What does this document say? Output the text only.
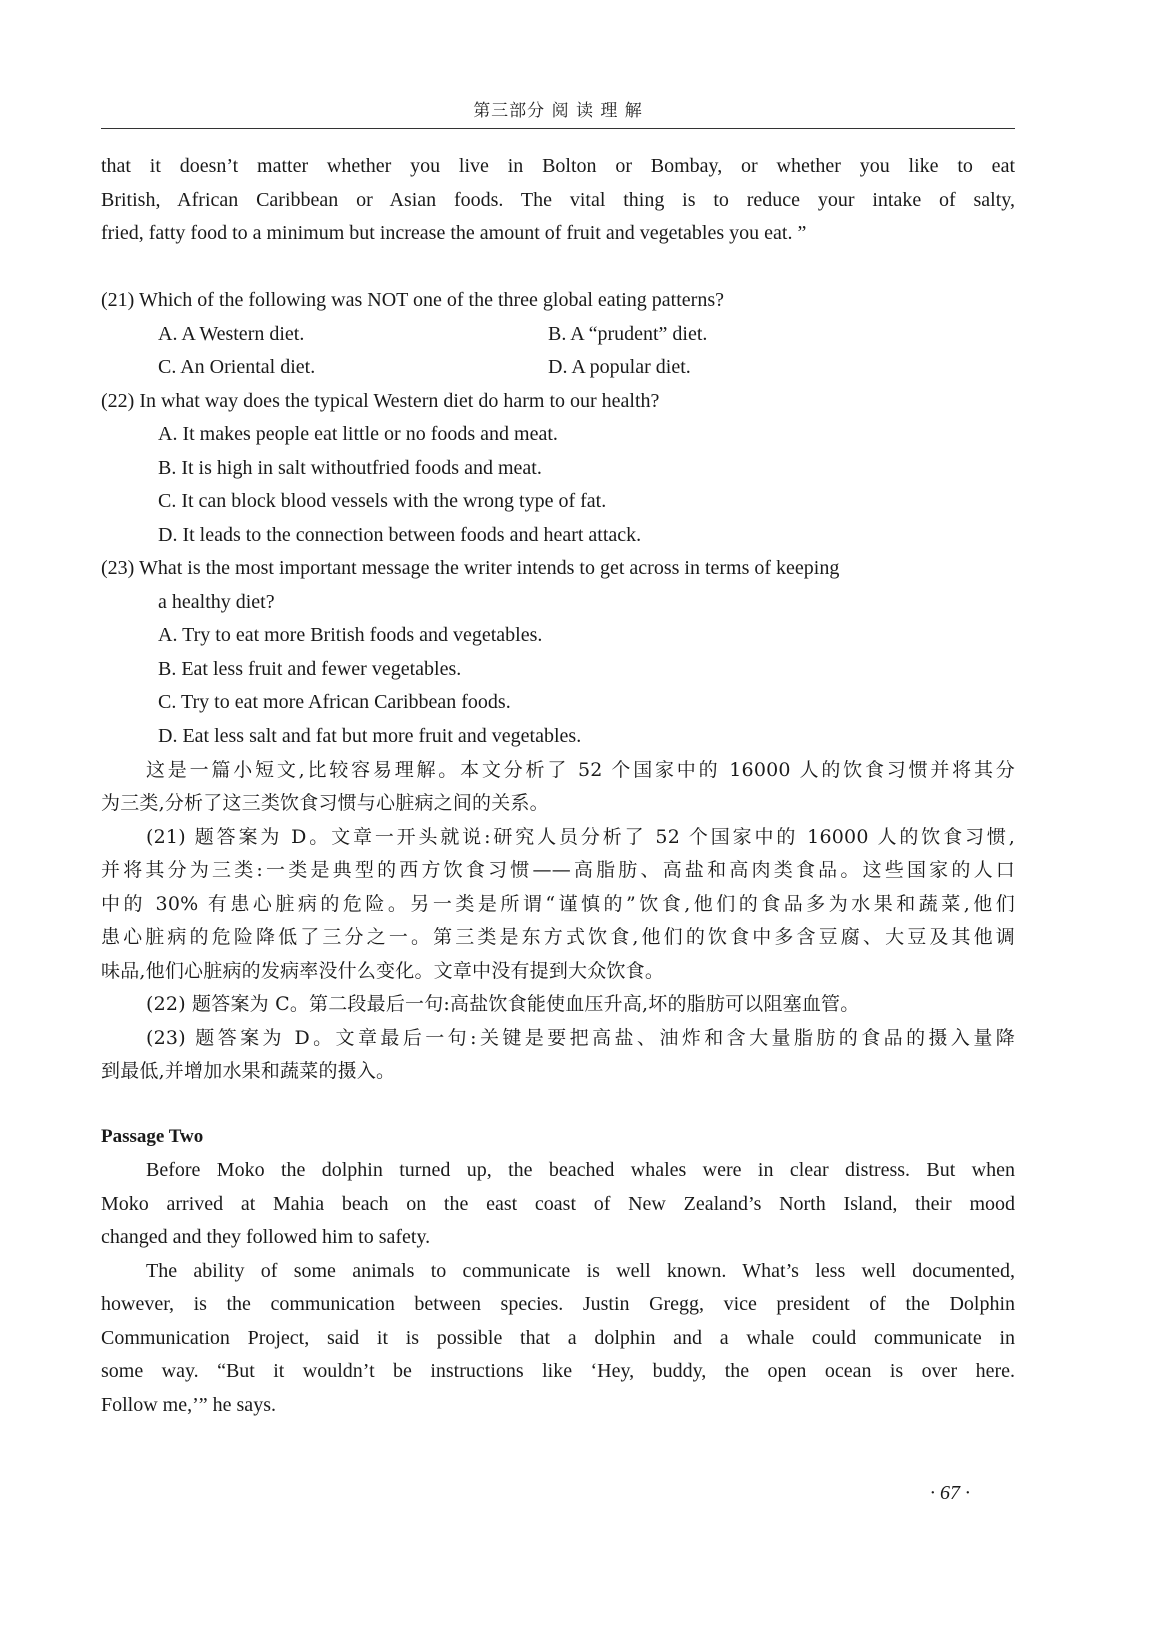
第三部分 阅 读 理 解
that it doesn’t matter whether you live in Bolton or Bombay, or whether you like to eat
British, African Caribbean or Asian foods. The vital thing is to reduce your intake of salty,
fried, fatty food to a minimum but increase the amount of fruit and vegetables you eat. ”
(21) Which of the following was NOT one of the three global eating patterns?
A. A Western diet.	B. A “prudent” diet.
C. An Oriental diet.	D. A popular diet.
(22) In what way does the typical Western diet do harm to our health?
A. It makes people eat little or no foods and meat.
B. It is high in salt withoutfried foods and meat.
C. It can block blood vessels with the wrong type of fat.
D. It leads to the connection between foods and heart attack.
(23) What is the most important message the writer intends to get across in terms of keeping
a healthy diet?
A. Try to eat more British foods and vegetables.
B. Eat less fruit and fewer vegetables.
C. Try to eat more African Caribbean foods.
D. Eat less salt and fat but more fruit and vegetables.
这是一篇小短文,比较容易理解。本文分析了 52 个国家中的 16000 人的饮食习惯并将其分
为三类,分析了这三类饮食习惯与心脏病之间的关系。
(21) 题答案为 D。文章一开头就说:研究人员分析了 52 个国家中的 16000 人的饮食习惯,
并将其分为三类:一类是典型的西方饮食习惯——高脂肪、高盐和高肉类食品。这些国家的人口
中的 30% 有患心脏病的危险。另一类是所谓“谨慎的”饮食,他们的食品多为水果和蔬菜,他们
患心脏病的危险降低了三分之一。第三类是东方式饮食,他们的饮食中多含豆腐、大豆及其他调
味品,他们心脏病的发病率没什么变化。文章中没有提到大众饮食。
(22) 题答案为 C。第二段最后一句:高盐饮食能使血压升高,坏的脂肪可以阻塞血管。
(23) 题答案为 D。文章最后一句:关键是要把高盐、油炸和含大量脂肪的食品的摄入量降
到最低,并增加水果和蔬菜的摄入。
Passage Two
Before Moko the dolphin turned up, the beached whales were in clear distress. But when
Moko arrived at Mahia beach on the east coast of New Zealand’s North Island, their mood
changed and they followed him to safety.
The ability of some animals to communicate is well known. What’s less well documented,
however, is the communication between species. Justin Gregg, vice president of the Dolphin
Communication Project, said it is possible that a dolphin and a whale could communicate in
some way. “But it wouldn’t be instructions like ‘Hey, buddy, the open ocean is over here.
Follow me,’” he says.
· 67 ·
